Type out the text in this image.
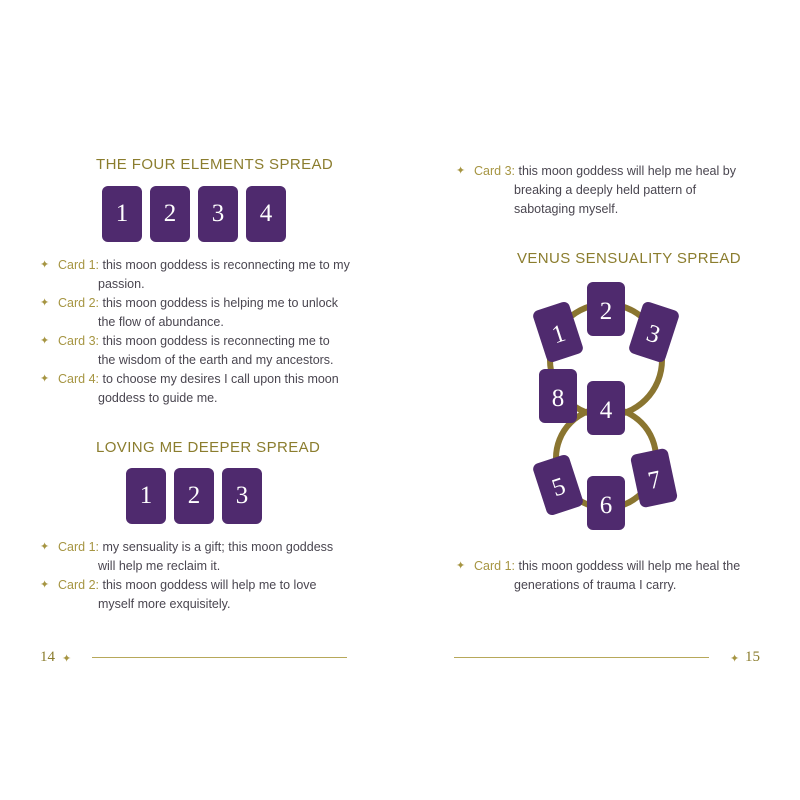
THE FOUR ELEMENTS SPREAD
1	2	3	4
✦ Card 1: this moon goddess is reconnecting me to my passion.
✦ Card 2: this moon goddess is helping me to unlock the flow of abundance.
✦ Card 3: this moon goddess is reconnecting me to the wisdom of the earth and my ancestors.
✦ Card 4: to choose my desires I call upon this moon goddess to guide me.
LOVING ME DEEPER SPREAD
1	2	3
✦ Card 1: my sensuality is a gift; this moon goddess will help me reclaim it.
✦ Card 2: this moon goddess will help me to love myself more exquisitely.
14 ✦
✦ Card 3: this moon goddess will help me heal by breaking a deeply held pattern of sabotaging myself.
VENUS SENSUALITY SPREAD
1
2
3
8 4
5
6
7
✦ Card 1: this moon goddess will help me heal the generations of trauma I carry.
✦ 15
